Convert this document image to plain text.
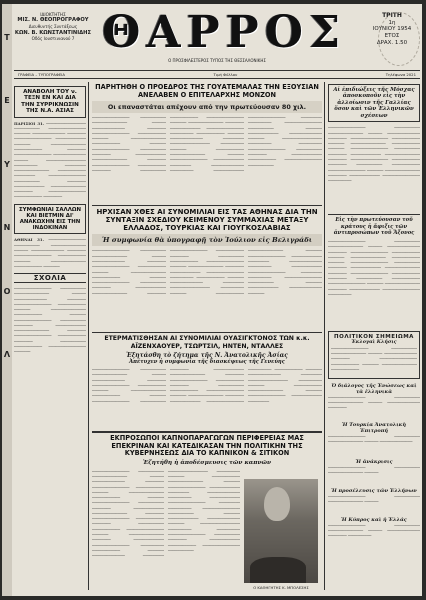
Τ
Ε
Υ
Ν
Ο
Λ
ΙΔΙΟΚΤΗΤΗΣ
ΜΙΣ. Ν. ΘΕΟΠΡΟΓΡΑΦΟΥ
Διευθυντής Συντάξεως
ΚΩΝ. Β. ΚΩΝΣΤΑΝΤΙΝΙΔΗΣ
Οδός Ιουστινιανού 7 ΘΑΡΡΟΣ
Ο ΠΡΟΣΦΙΛΕΣΤΕΡΟΣ ΤΥΠΟΣ ΤΗΣ ΘΕΣΣΑΛΟΝΙΚΗΣ
ΤΡΙΤΗ
1η
ΙΟΥΝΙΟΥ 1954
ΕΤΟΣ
ΔΡΑΧ. 1.50
ΓΡΑΦΕΙΑ – ΤΥΠΟΓΡΑΦΕΙΑ	Τιμή Φύλλου	Τηλέφωνα 2021
ΑΝΑΒΟΛΗ ΤΟΥ ν. ΤΕΞΝ ΕΝ ΚΑΙ ΔΙΑ ΤΗΝ ΣΥΡΡΙΚΝΩΣΙΝ ΤΗΣ Ν.Α. ΑΣΙΑΣ
ΠΑΡΙΣΙΟΙ 31. ───────────────── ─────────── ──────────────── ─────── ────────────── ──────── ──────────────── ───────────── ─────── ─────────────── ──────────── ──────── ──────────────── ────────────── ────── ───────────────── ────────── ───────── ─────────────── ──────────── ───────── ──────────────── ─────────── ──────── ───────────── ─────────────── ──────── ──────────────── ──────────── ────────
ΣΥΜΦΩΝΙΑΙ ΣΑΛΛΩΝ ΚΑΙ ΒΙΕΤΜΙΝ ΔΙ' ΑΝΑΚΩΧΗΝ ΕΙΣ ΤΗΝ ΙΝΔΟΚΙΝΑΝ
ΑΘΗΝΑΙ 31. ──────────────── ─────────── ─────────────── ────── ────────────── ──────── ──────────────── ──────────── ─────── ─────────────── ──────────── ───────
ΣΧΟΛΙΑ
──────────────── ─────────── ─────────────── ────── ────────────── ──────── ──────────────── ──────────── ─────── ─────────────── ──────────── ─────── ──────────────── ─────────── ──────── ───────────── ─────────────── ──────── ──────────────── ──────────── ──────── ─────────── ──────────── ──────────────── ───────
ΠΑΡΗΤΗΘΗ Ο ΠΡΟΕΔΡΟΣ ΤΗΣ ΓΟΥΑΤΕΜΑΛΑΣ ΤΗΝ ΕΞΟΥΣΙΑΝ ΑΝΕΛΑΒΕΝ Ο ΕΠΙΤΕΛΑΡΧΗΣ ΜΟΝΖΟΝ
Οι επαναστάται απέχουν από την πρωτεύουσαν 80 χιλ.
──────────────── ─────────── ─────────────── ────── ────────────── ──────── ──────────────── ──────────── ─────── ─────────────── ──────────── ─────── ──────────────── ─────────── ──────── ───────────── ─────────────── ──────── ──────────────── ──────────── ──────── ─────────── ──────────── ──────────────── ─────── ─────────────── ──────── ───────────── ──────────────── ────────── ──────────── ─────── ────────────── ───────── ───────────────── ────────── ─────── ──────────── ─────────────── ─────── ──────────────── ───────────── ───────── ────────────── ────────── ───────────── ──────────────── ───────── ────────── ──────────────── ─────────── ─────── ───────────── ────────────── ─────── ───────────────── ────────── ────────── ──────────────── ─────────── ──────── ───────────── ──────────── ──────────────── ───────────
ΗΡΧΙΣΑΝ ΧΘΕΣ ΑΙ ΣΥΝΟΜΙΛΙΑΙ ΕΙΣ ΤΑΣ ΑΘΗΝΑΣ ΔΙΑ ΤΗΝ ΣΥΝΤΑΞΙΝ ΣΧΕΔΙΟΥ ΚΕΙΜΕΝΟΥ ΣΥΜΜΑΧΙΑΣ ΜΕΤΑΞΥ ΕΛΛΑΔΟΣ, ΤΟΥΡΚΙΑΣ ΚΑΙ ΓΙΟΥΓΚΟΣΛΑΒΙΑΣ
Ἡ συμφωνία θὰ ὑπογραφῇ τὸν Ἰούλιον εἰς Βελιγράδι
──────────────── ─────────── ─────────────── ────── ────────────── ──────── ──────────────── ──────────── ─────── ─────────────── ──────────── ─────── ──────────────── ─────────── ──────── ───────────── ─────────────── ──────── ──────────────── ──────────── ──────── ─────────── ──────────── ──────────────── ─────── ─────────────── ──────── ───────────── ──────────────── ────────── ──────────── ─────── ────────────── ───────── ───────────────── ────────── ─────── ──────────── ─────────────── ─────── ──────────────── ───────────── ───────── ────────────── ────────── ───────────── ──────────────── ───────── ────────── ──────────────── ─────────── ─────── ───────────── ────────────── ───────
ΕΤΕΡΜΑΤΙΣΘΗΣΑΝ ΑΙ ΣΥΝΟΜΙΛΙΑΙ ΟΥΑΣΙΓΚΤΟΝΟΣ ΤΩΝ κ.κ. ΑΪΖΕΝΧΑΟΥΕΡ, ΤΣΩΡΤΣΙΛ, ΗΝΤΕΝ, ΝΤΑΛΛΕΣ
Ἐξητάσθη τὸ ζήτημα τῆς Ν. Ἀνατολικῆς Ἀσίας
Ἀπέτυχεν ἡ συμφωνία τῆς διασκέψεως τῆς Γενεύης
──────────────── ─────────── ─────────────── ────── ────────────── ──────── ──────────────── ──────────── ─────── ─────────────── ──────────── ─────── ──────────────── ─────────── ──────── ───────────── ─────────────── ──────── ──────────────── ──────────── ──────── ─────────── ──────────── ──────────────── ─────── ─────────────── ──────── ───────────── ──────────────── ────────── ──────────── ─────── ────────────── ───────── ───────────────── ────────── ─────── ──────────── ─────────────── ─────── ──────────────── ───────────── ─────────
ΕΚΠΡΟΣΩΠΟΙ ΚΑΠΝΟΠΑΡΑΓΩΓΩΝ ΠΕΡΙΦΕΡΕΙΑΣ ΜΑΣ ΕΠΕΚΡΙΝΑΝ ΚΑΙ ΚΑΤΕΔΙΚΑΣΑΝ ΤΗΝ ΠΟΛΙΤΙΚΗΝ ΤΗΣ ΚΥΒΕΡΝΗΣΕΩΣ ΔΙΑ ΤΟ ΚΑΠΝΙΚΟΝ & ΣΙΤΙΚΟΝ
Ἐζητήθη ἡ ἀποδέσμευσις τῶν καπνῶν
──────────────── ─────────── ─────────────── ────── ────────────── ──────── ──────────────── ──────────── ─────── ─────────────── ──────────── ─────── ──────────────── ─────────── ──────── ───────────── ─────────────── ──────── ──────────────── ──────────── ──────── ─────────── ──────────── ──────────────── ─────── ─────────────── ──────── ───────────── ──────────────── ────────── ──────────── ─────── ────────────── ───────── ───────────────── ────────── ─────── ──────────── ─────────────── ─────── ──────────────── ───────────── ───────── ────────────── ────────── ───────────── ──────────────── ───────── ────────── ──────────────── ─────────── ─────── ───────────── ────────────── ─────── ───────────────── ────────── ────────── ──────────────── ─────────── ──────── ───────────── ──────────── ──────────────── ───────────
Ο ΚΑΘΗΓΗΤΗΣ Κ. ΜΠΟΛΕΣΗΣ
Αἱ ἐπιδιώξεις τῆς Μόσχας ἀποσκοποῦν εἰς τὴν ἀλλοίωσιν τῆς Γαλλίας ὅσον καὶ τῶν Ἑλληνικῶν σχέσεων
──────────────── ─────────── ─────────────── ────── ────────────── ──────── ──────────────── ──────────── ─────── ─────────────── ──────────── ─────── ──────────────── ─────────── ──────── ───────────── ─────────────── ──────── ──────────────── ──────────── ──────── ─────────── ──────────── ──────────────── ─────── ─────────────── ──────── ───────────── ──────────────── ──────────
Εἰς τὴν πρωτεύουσαν τοῦ κράτους ἡ ἄφιξις τῶν ἀντιπροσώπων τοῦ Ἄξονος
──────────────── ─────────── ─────────────── ────── ────────────── ──────── ──────────────── ──────────── ─────── ─────────────── ──────────── ─────── ──────────────── ─────────── ──────── ───────────── ─────────────── ──────── ──────────────── ──────────── ──────── ─────────── ──────────── ──────────────── ─────── ─────────────── ──────── ───────────── ──────────────── ──────────
ΠΟΛΙΤΙΚΟΝ ΣΗΜΕΙΩΜΑ
Ἐκλογαὶ Κλήσις
──────────────── ─────────── ─────────────── ────── ────────────── ──────── ──────────────── ──────────── ─────── ─────────────── ────────────
Ὁ διάλογος τῆς Ἑνώσεως καὶ τὰ ἑλληνικὰ
──────────────── ─────────── ─────────────── ────── ────────────── ────────
Ἡ Τουρκία Ἀνατολικὴ Ἐπιτροπή
──────────────── ─────────── ─────────────── ────── ──────────────
Ἡ ἀνάκρισις
──────────────── ─────────── ─────────────── ──────
Ἡ προσέλευσις τῶν Ἑλλήνων
──────────────── ─────────── ─────────────── ──────
Ἡ Κύπρος καὶ ἡ Ἑλλάς
──────────────── ─────────── ─────────────── ────── ────────────── ──────── ──────────
